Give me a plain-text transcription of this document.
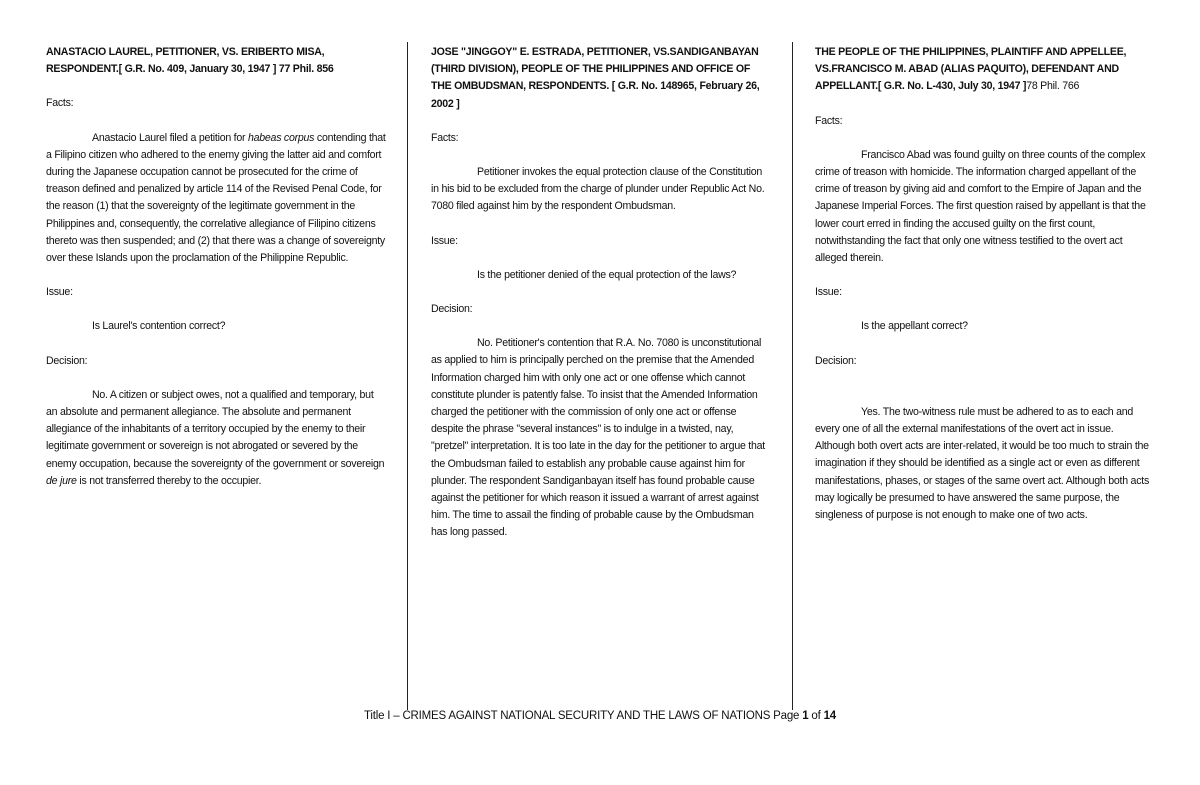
ANASTACIO LAUREL, PETITIONER, VS. ERIBERTO MISA, RESPONDENT.[ G.R. No. 409, January 30, 1947 ] 77 Phil. 856

Facts:

Anastacio Laurel filed a petition for habeas corpus contending that a Filipino citizen who adhered to the enemy giving the latter aid and comfort during the Japanese occupation cannot be prosecuted for the crime of treason defined and penalized by article 114 of the Revised Penal Code, for the reason (1) that the sovereignty of the legitimate government in the Philippines and, consequently, the correlative allegiance of Filipino citizens thereto was then suspended; and (2) that there was a change of sovereignty over these Islands upon the proclamation of the Philippine Republic.

Issue:

Is Laurel's contention correct?

Decision:

No. A citizen or subject owes, not a qualified and temporary, but an absolute and permanent allegiance. The absolute and permanent allegiance of the inhabitants of a territory occupied by the enemy to their legitimate government or sovereign is not abrogated or severed by the enemy occupation, because the sovereignty of the government or sovereign de jure is not transferred thereby to the occupier.

JOSE "JINGGOY" E. ESTRADA, PETITIONER, VS.SANDIGANBAYAN (THIRD DIVISION), PEOPLE OF THE PHILIPPINES AND OFFICE OF THE OMBUDSMAN, RESPONDENTS. [ G.R. No. 148965, February 26, 2002 ]

Facts:

Petitioner invokes the equal protection clause of the Constitution in his bid to be excluded from the charge of plunder under Republic Act No. 7080 filed against him by the respondent Ombudsman.

Issue:

Is the petitioner denied of the equal protection of the laws?

Decision:

No. Petitioner's contention that R.A. No. 7080 is unconstitutional as applied to him is principally perched on the premise that the Amended Information charged him with only one act or one offense which cannot constitute plunder is patently false. To insist that the Amended Information charged the petitioner with the commission of only one act or offense despite the phrase "several instances" is to indulge in a twisted, nay, "pretzel" interpretation. It is too late in the day for the petitioner to argue that the Ombudsman failed to establish any probable cause against him for plunder. The respondent Sandiganbayan itself has found probable cause against the petitioner for which reason it issued a warrant of arrest against him. The time to assail the finding of probable cause by the Ombudsman has long passed.

THE PEOPLE OF THE PHILIPPINES, PLAINTIFF AND APPELLEE, VS.FRANCISCO M. ABAD (ALIAS PAQUITO), DEFENDANT AND APPELLANT.[ G.R. No. L-430, July 30, 1947 ]78 Phil. 766

Facts:

Francisco Abad was found guilty on three counts of the complex crime of treason with homicide. The information charged appellant of the crime of treason by giving aid and comfort to the Empire of Japan and the Japanese Imperial Forces. The first question raised by appellant is that the lower court erred in finding the accused guilty on the first count, notwithstanding the fact that only one witness testified to the overt act alleged therein.

Issue:

Is the appellant correct?

Decision:

Yes. The two-witness rule must be adhered to as to each and every one of all the external manifestations of the overt act in issue. Although both overt acts are inter-related, it would be too much to strain the imagination if they should be identified as a single act or even as different manifestations, phases, or stages of the same overt act. Although both acts may logically be presumed to have answered the same purpose, the singleness of purpose is not enough to make one of two acts.

Title I – CRIMES AGAINST NATIONAL SECURITY AND THE LAWS OF NATIONS Page 1 of 14
